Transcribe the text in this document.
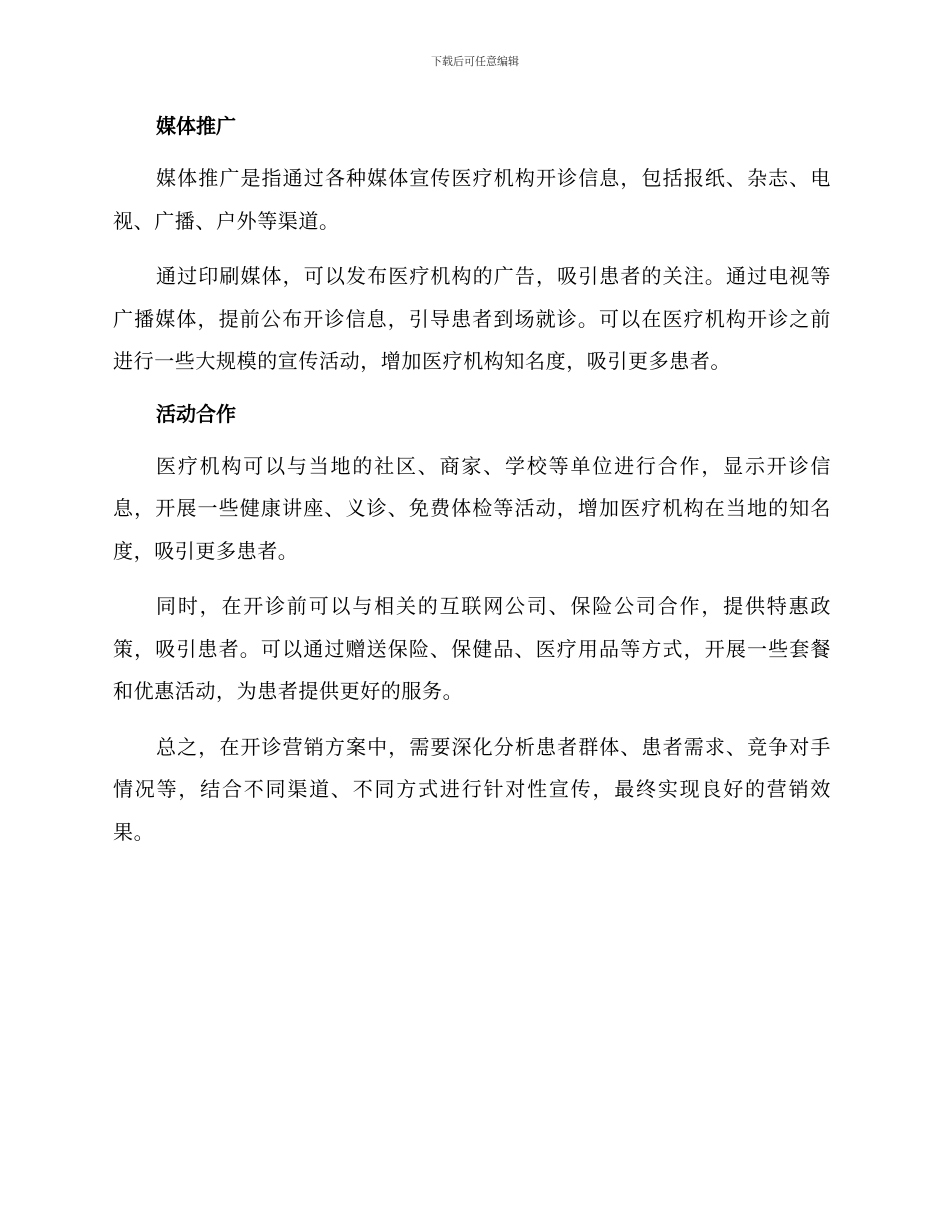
下载后可任意编辑
媒体推广

媒体推广是指通过各种媒体宣传医疗机构开诊信息，包括报纸、杂志、电视、广播、户外等渠道。

通过印刷媒体，可以发布医疗机构的广告，吸引患者的关注。通过电视等广播媒体，提前公布开诊信息，引导患者到场就诊。可以在医疗机构开诊之前进行一些大规模的宣传活动，增加医疗机构知名度，吸引更多患者。

活动合作

医疗机构可以与当地的社区、商家、学校等单位进行合作，显示开诊信息，开展一些健康讲座、义诊、免费体检等活动，增加医疗机构在当地的知名度，吸引更多患者。

同时，在开诊前可以与相关的互联网公司、保险公司合作，提供特惠政策，吸引患者。可以通过赠送保险、保健品、医疗用品等方式，开展一些套餐和优惠活动，为患者提供更好的服务。

总之，在开诊营销方案中，需要深化分析患者群体、患者需求、竞争对手情况等，结合不同渠道、不同方式进行针对性宣传，最终实现良好的营销效果。
